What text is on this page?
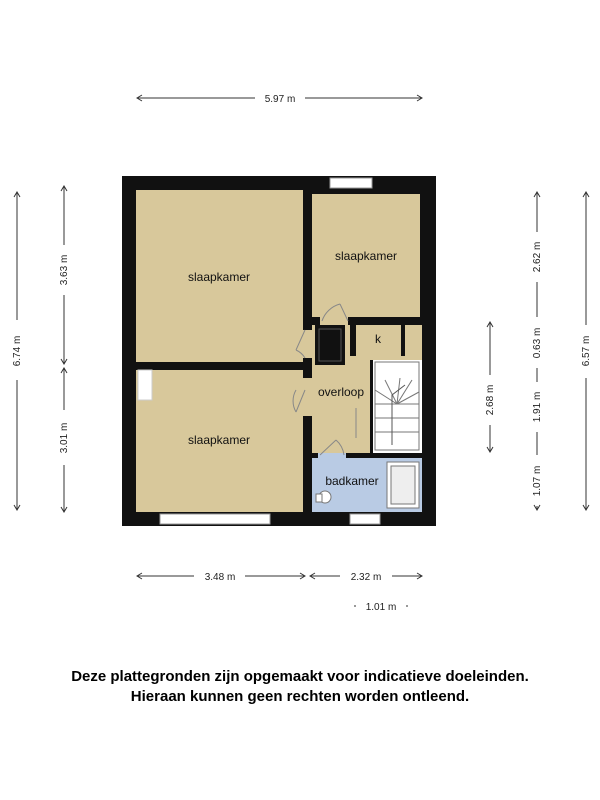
slaapkamer
slaapkamer
slaapkamer
k
overloop
badkamer
5.97 m
3.48 m	2.32 m
1.01 m
6.74 m
3.63 m
3.01 m
2.68 m
2.62 m
0.63 m
1.91 m
1.07 m
6.57 m
Deze plattegronden zijn opgemaakt voor indicatieve doeleinden.
Hieraan kunnen geen rechten worden ontleend.
